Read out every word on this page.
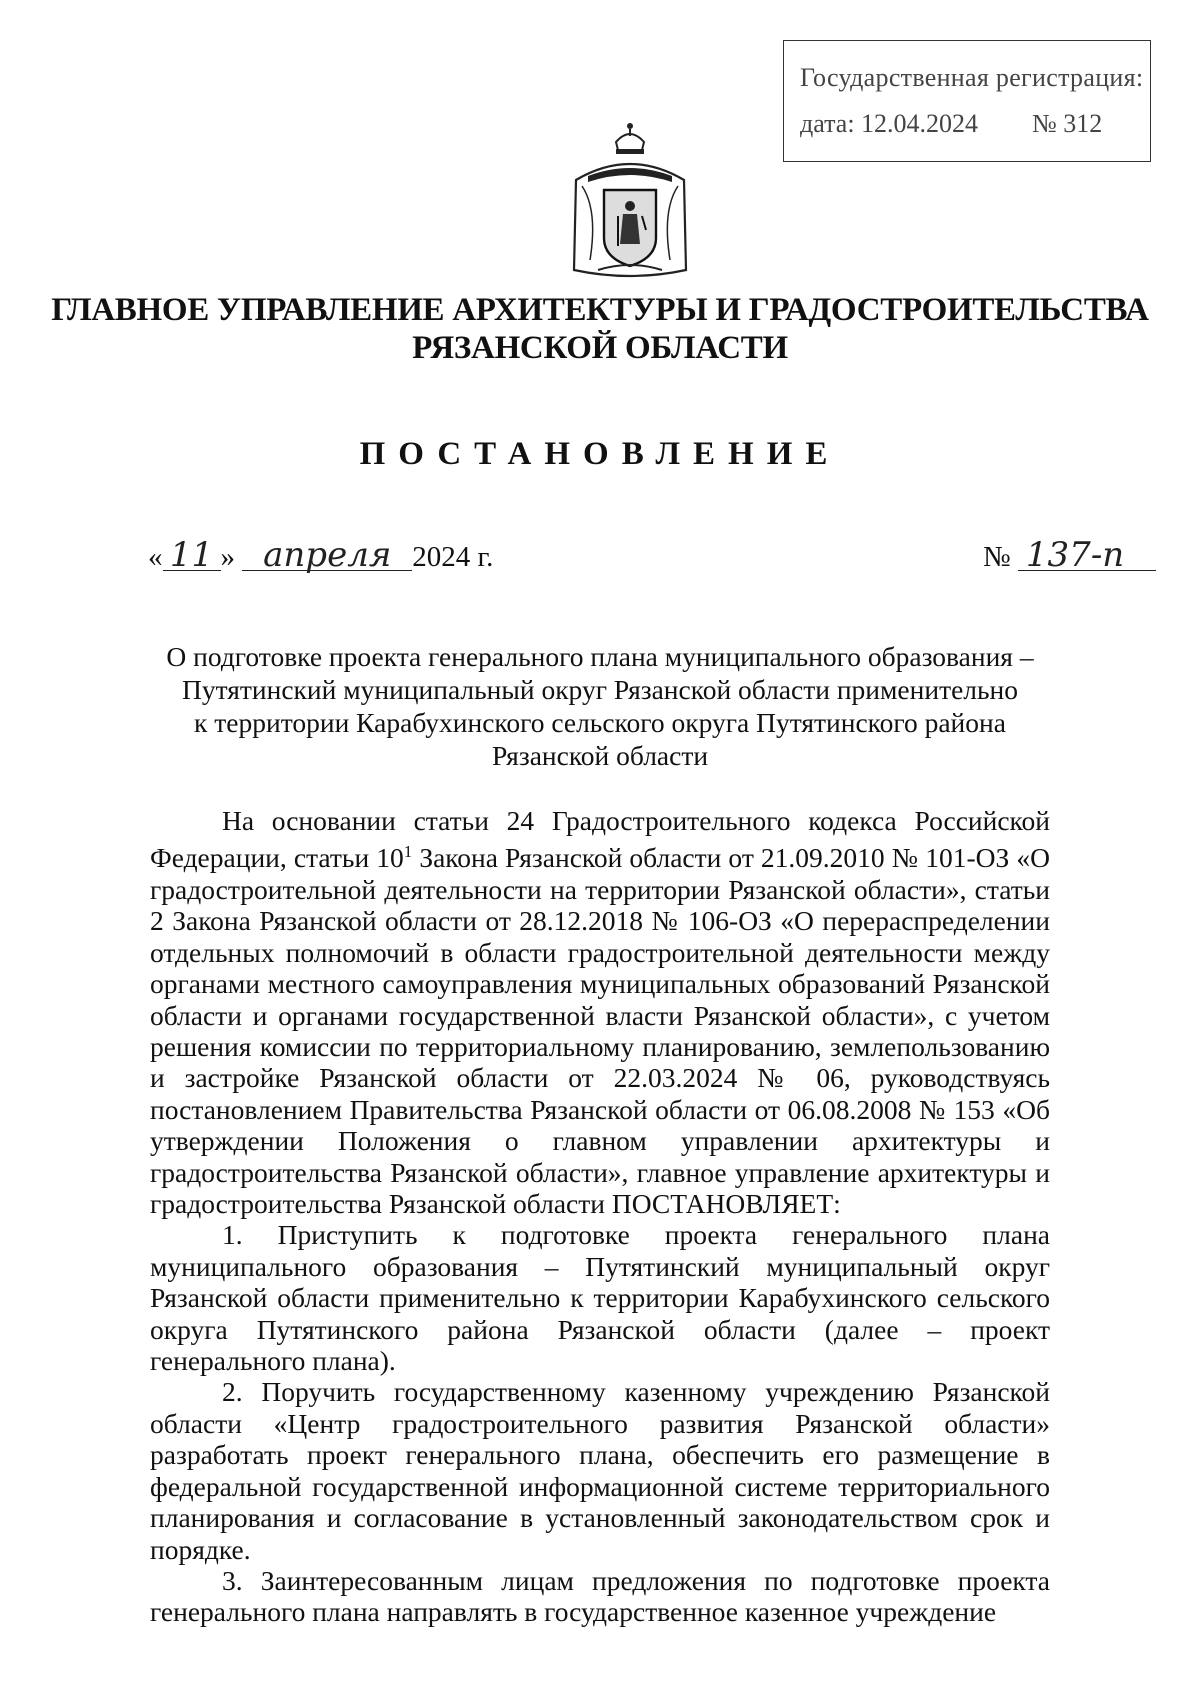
Государственная регистрация:
дата: 12.04.2024 № 312
ГЛАВНОЕ УПРАВЛЕНИЕ АРХИТЕКТУРЫ И ГРАДОСТРОИТЕЛЬСТВА
РЯЗАНСКОЙ ОБЛАСТИ
ПОСТАНОВЛЕНИЕ
« 11 » апреля 2024 г.	№ 137-п
О подготовке проекта генерального плана муниципального образования –
Путятинский муниципальный округ Рязанской области применительно
к территории Карабухинского сельского округа Путятинского района
Рязанской области

На основании статьи 24 Градостроительного кодекса Российской Федерации, статьи $10^1$ Закона Рязанской области от 21.09.2010 № 101-ОЗ «О градостроительной деятельности на территории Рязанской области», статьи 2 Закона Рязанской области от 28.12.2018 № 106-ОЗ «О перераспределении отдельных полномочий в области градостроительной деятельности между органами местного самоуправления муниципальных образований Рязанской области и органами государственной власти Рязанской области», с учетом решения комиссии по территориальному планированию, землепользованию и застройке Рязанской области от 22.03.2024 № 06, руководствуясь постановлением Правительства Рязанской области от 06.08.2008 № 153 «Об утверждении Положения о главном управлении архитектуры и градостроительства Рязанской области», главное управление архитектуры и градостроительства Рязанской области ПОСТАНОВЛЯЕТ:

1. Приступить к подготовке проекта генерального плана муниципального образования – Путятинский муниципальный округ Рязанской области применительно к территории Карабухинского сельского округа Путятинского района Рязанской области (далее – проект генерального плана).

2. Поручить государственному казенному учреждению Рязанской области «Центр градостроительного развития Рязанской области» разработать проект генерального плана, обеспечить его размещение в федеральной государственной информационной системе территориального планирования и согласование в установленный законодательством срок и порядке.

3. Заинтересованным лицам предложения по подготовке проекта генерального плана направлять в государственное казенное учреждение
